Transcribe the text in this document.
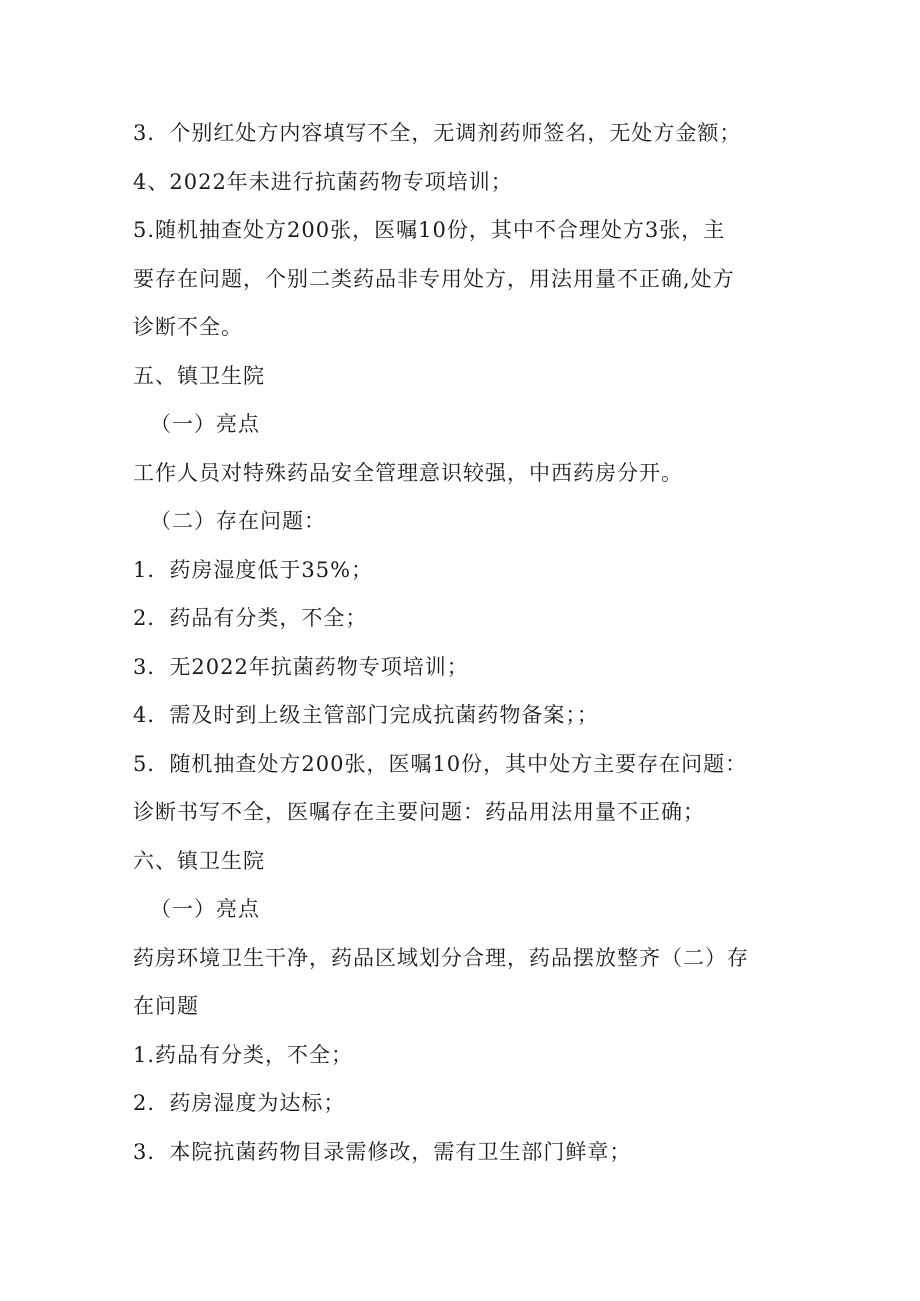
3．个别红处方内容填写不全，无调剂药师签名，无处方金额；
4、2022年未进行抗菌药物专项培训；
5.随机抽查处方200张，医嘱10份，其中不合理处方3张，主
要存在问题，个别二类药品非专用处方，用法用量不正确,处方
诊断不全。
五、镇卫生院
（一）亮点
工作人员对特殊药品安全管理意识较强，中西药房分开。
（二）存在问题：
1．药房湿度低于35%；
2．药品有分类，不全；
3．无2022年抗菌药物专项培训；
4．需及时到上级主管部门完成抗菌药物备案；；
5．随机抽查处方200张，医嘱10份，其中处方主要存在问题：
诊断书写不全，医嘱存在主要问题：药品用法用量不正确；
六、镇卫生院
（一）亮点
药房环境卫生干净，药品区域划分合理，药品摆放整齐（二）存
在问题
1.药品有分类，不全；
2．药房湿度为达标；
3．本院抗菌药物目录需修改，需有卫生部门鲜章；
